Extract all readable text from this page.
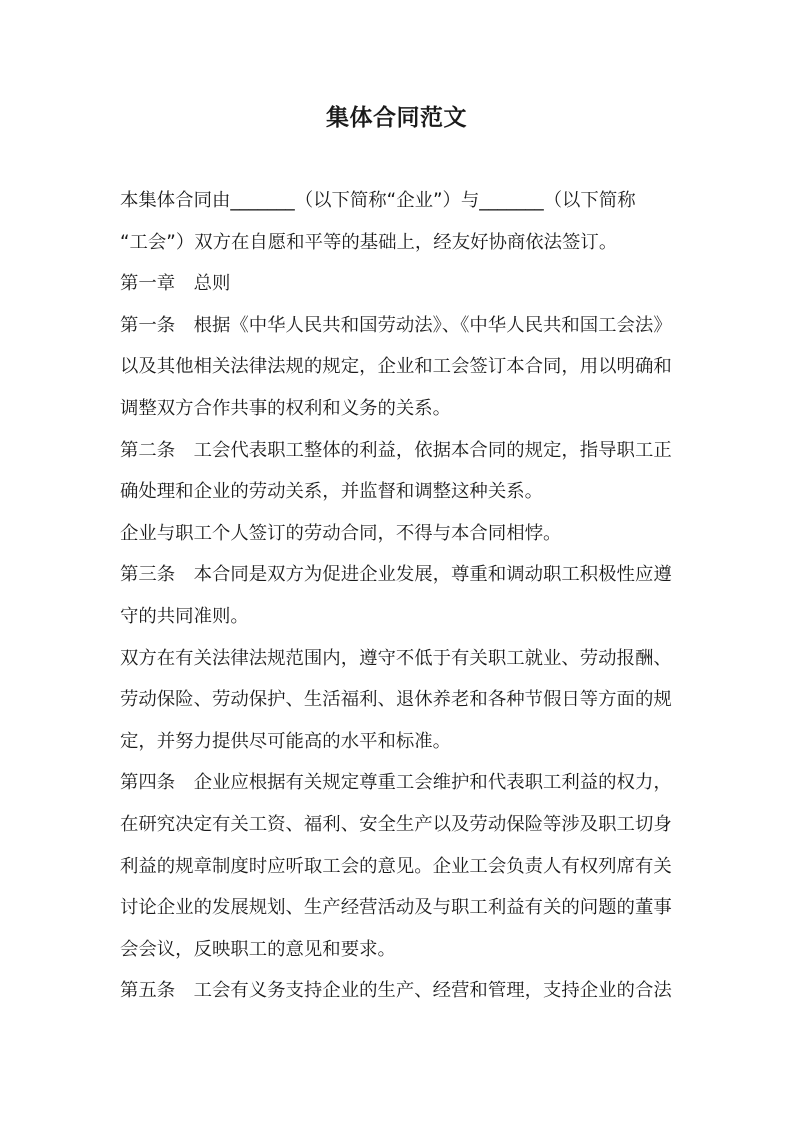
集体合同范文
本集体合同由_______（以下简称“企业”）与_______（以下简称
“工会”）双方在自愿和平等的基础上，经友好协商依法签订。
第一章　总则
第一条　根据《中华人民共和国劳动法》、《中华人民共和国工会法》
以及其他相关法律法规的规定，企业和工会签订本合同，用以明确和
调整双方合作共事的权利和义务的关系。
第二条　工会代表职工整体的利益，依据本合同的规定，指导职工正
确处理和企业的劳动关系，并监督和调整这种关系。
企业与职工个人签订的劳动合同，不得与本合同相悖。
第三条　本合同是双方为促进企业发展，尊重和调动职工积极性应遵
守的共同准则。
双方在有关法律法规范围内，遵守不低于有关职工就业、劳动报酬、
劳动保险、劳动保护、生活福利、退休养老和各种节假日等方面的规
定，并努力提供尽可能高的水平和标准。
第四条　企业应根据有关规定尊重工会维护和代表职工利益的权力，
在研究决定有关工资、福利、安全生产以及劳动保险等涉及职工切身
利益的规章制度时应听取工会的意见。企业工会负责人有权列席有关
讨论企业的发展规划、生产经营活动及与职工利益有关的问题的董事
会会议，反映职工的意见和要求。
第五条　工会有义务支持企业的生产、经营和管理，支持企业的合法
